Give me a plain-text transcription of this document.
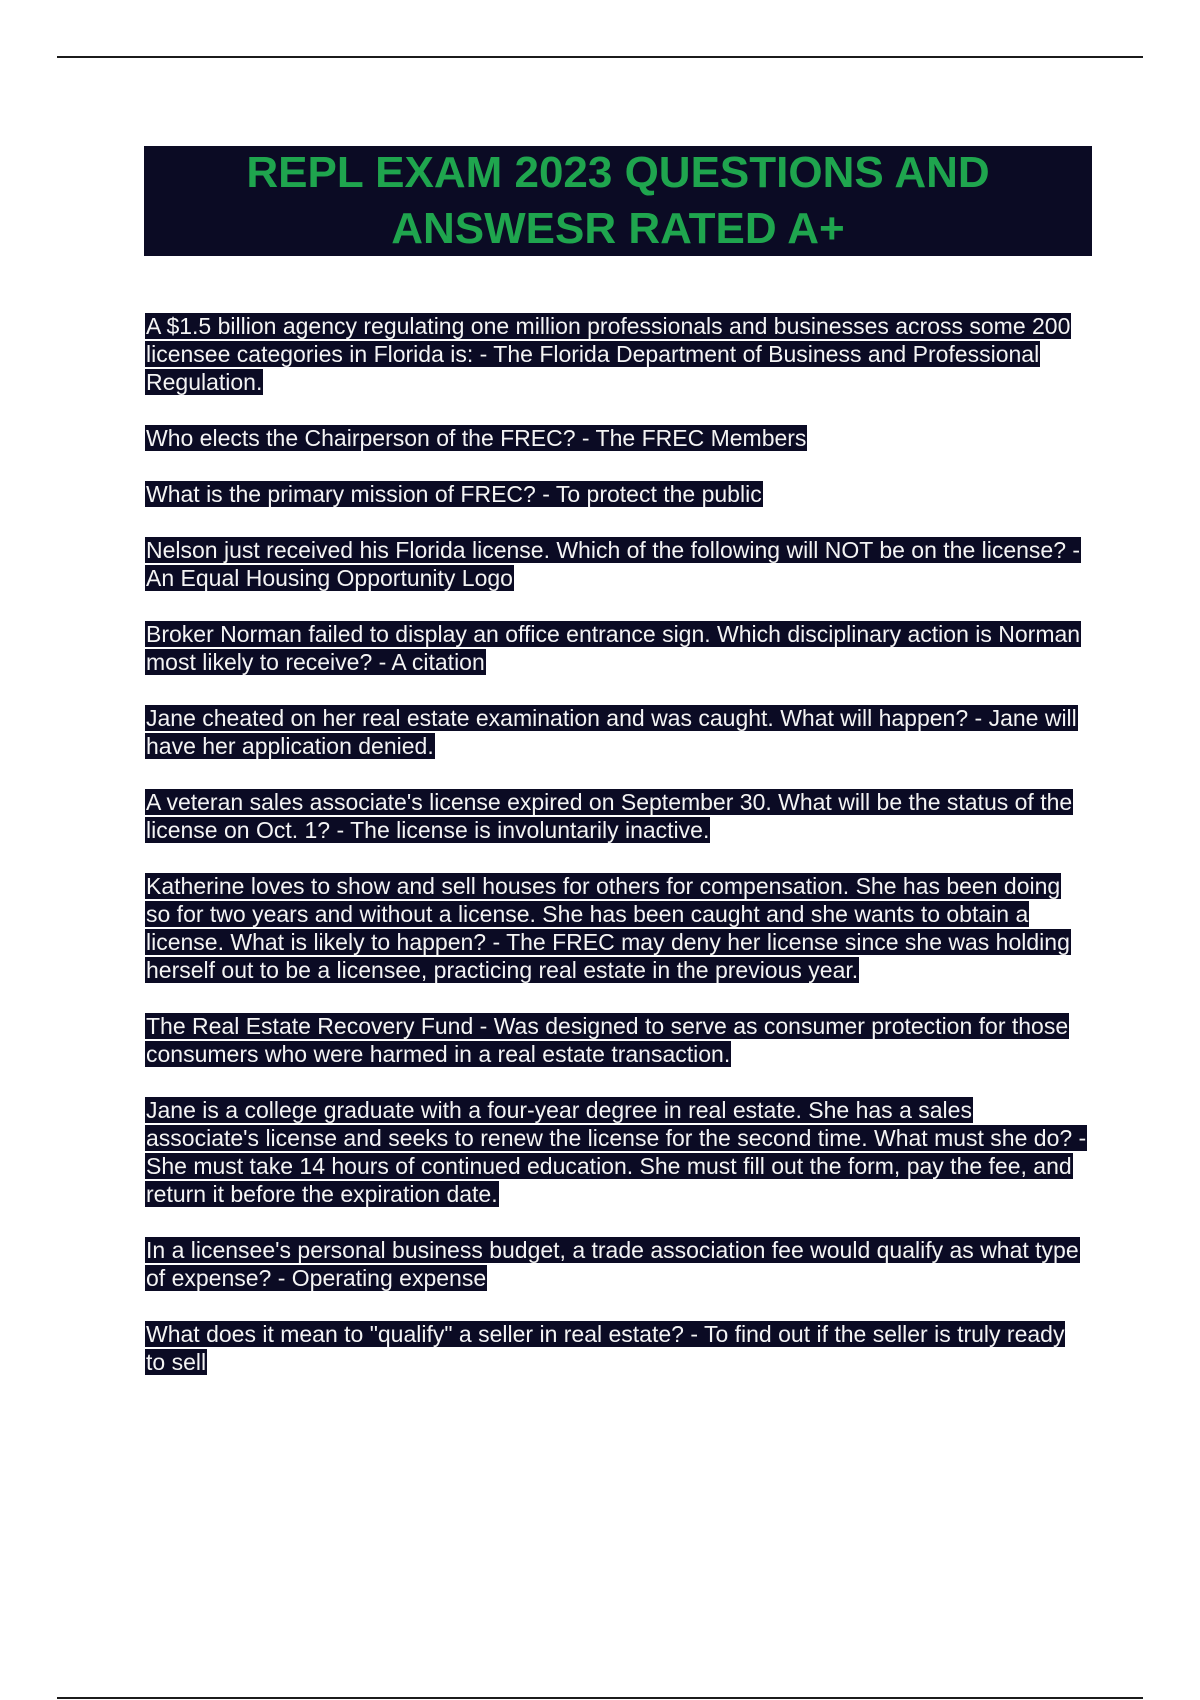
REPL EXAM 2023 QUESTIONS AND ANSWESR RATED A+

A $1.5 billion agency regulating one million professionals and businesses across some 200 licensee categories in Florida is: - The Florida Department of Business and Professional Regulation.

Who elects the Chairperson of the FREC? - The FREC Members

What is the primary mission of FREC? - To protect the public

Nelson just received his Florida license. Which of the following will NOT be on the license? - An Equal Housing Opportunity Logo

Broker Norman failed to display an office entrance sign. Which disciplinary action is Norman most likely to receive? - A citation

Jane cheated on her real estate examination and was caught. What will happen? - Jane will have her application denied.

A veteran sales associate's license expired on September 30. What will be the status of the license on Oct. 1? - The license is involuntarily inactive.

Katherine loves to show and sell houses for others for compensation. She has been doing so for two years and without a license. She has been caught and she wants to obtain a license. What is likely to happen? - The FREC may deny her license since she was holding herself out to be a licensee, practicing real estate in the previous year.

The Real Estate Recovery Fund - Was designed to serve as consumer protection for those consumers who were harmed in a real estate transaction.

Jane is a college graduate with a four-year degree in real estate. She has a sales associate's license and seeks to renew the license for the second time. What must she do? - She must take 14 hours of continued education. She must fill out the form, pay the fee, and return it before the expiration date.

In a licensee's personal business budget, a trade association fee would qualify as what type of expense? - Operating expense

What does it mean to "qualify" a seller in real estate? - To find out if the seller is truly ready to sell
